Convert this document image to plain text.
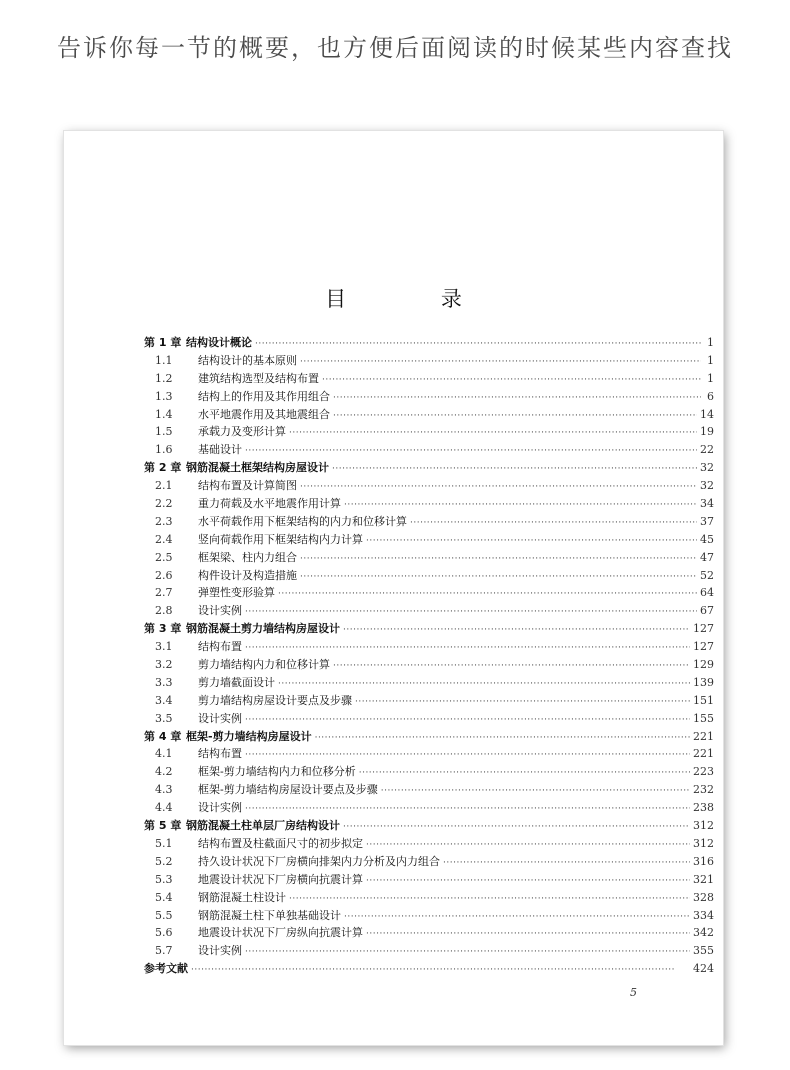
告诉你每一节的概要，也方便后面阅读的时候某些内容查找
目 录
第 1 章 结构设计概论 ·····	1
1.1	结构设计的基本原则 ·····	1
1.2	建筑结构选型及结构布置 ·····	1
1.3	结构上的作用及其作用组合 ·····	6
1.4	水平地震作用及其地震组合 ·····	14
1.5	承载力及变形计算 ·····	19
1.6	基础设计 ·····	22
第 2 章 钢筋混凝土框架结构房屋设计 ·····	32
2.1	结构布置及计算简图 ·····	32
2.2	重力荷载及水平地震作用计算 ·····	34
2.3	水平荷载作用下框架结构的内力和位移计算 ·····	37
2.4	竖向荷载作用下框架结构内力计算 ·····	45
2.5	框架梁、柱内力组合 ·····	47
2.6	构件设计及构造措施 ·····	52
2.7	弹塑性变形验算 ·····	64
2.8	设计实例 ·····	67
第 3 章 钢筋混凝土剪力墙结构房屋设计 ·····	127
3.1	结构布置 ·····	127
3.2	剪力墙结构内力和位移计算 ·····	129
3.3	剪力墙截面设计 ·····	139
3.4	剪力墙结构房屋设计要点及步骤 ·····	151
3.5	设计实例 ·····	155
第 4 章 框架-剪力墙结构房屋设计 ·····	221
4.1	结构布置 ·····	221
4.2	框架-剪力墙结构内力和位移分析 ·····	223
4.3	框架-剪力墙结构房屋设计要点及步骤 ·····	232
4.4	设计实例 ·····	238
第 5 章 钢筋混凝土柱单层厂房结构设计 ·····	312
5.1	结构布置及柱截面尺寸的初步拟定 ·····	312
5.2	持久设计状况下厂房横向排架内力分析及内力组合 ·····	316
5.3	地震设计状况下厂房横向抗震计算 ·····	321
5.4	钢筋混凝土柱设计 ·····	328
5.5	钢筋混凝土柱下单独基础设计 ·····	334
5.6	地震设计状况下厂房纵向抗震计算 ·····	342
5.7	设计实例 ·····	355
参考文献 ·····	424
5
